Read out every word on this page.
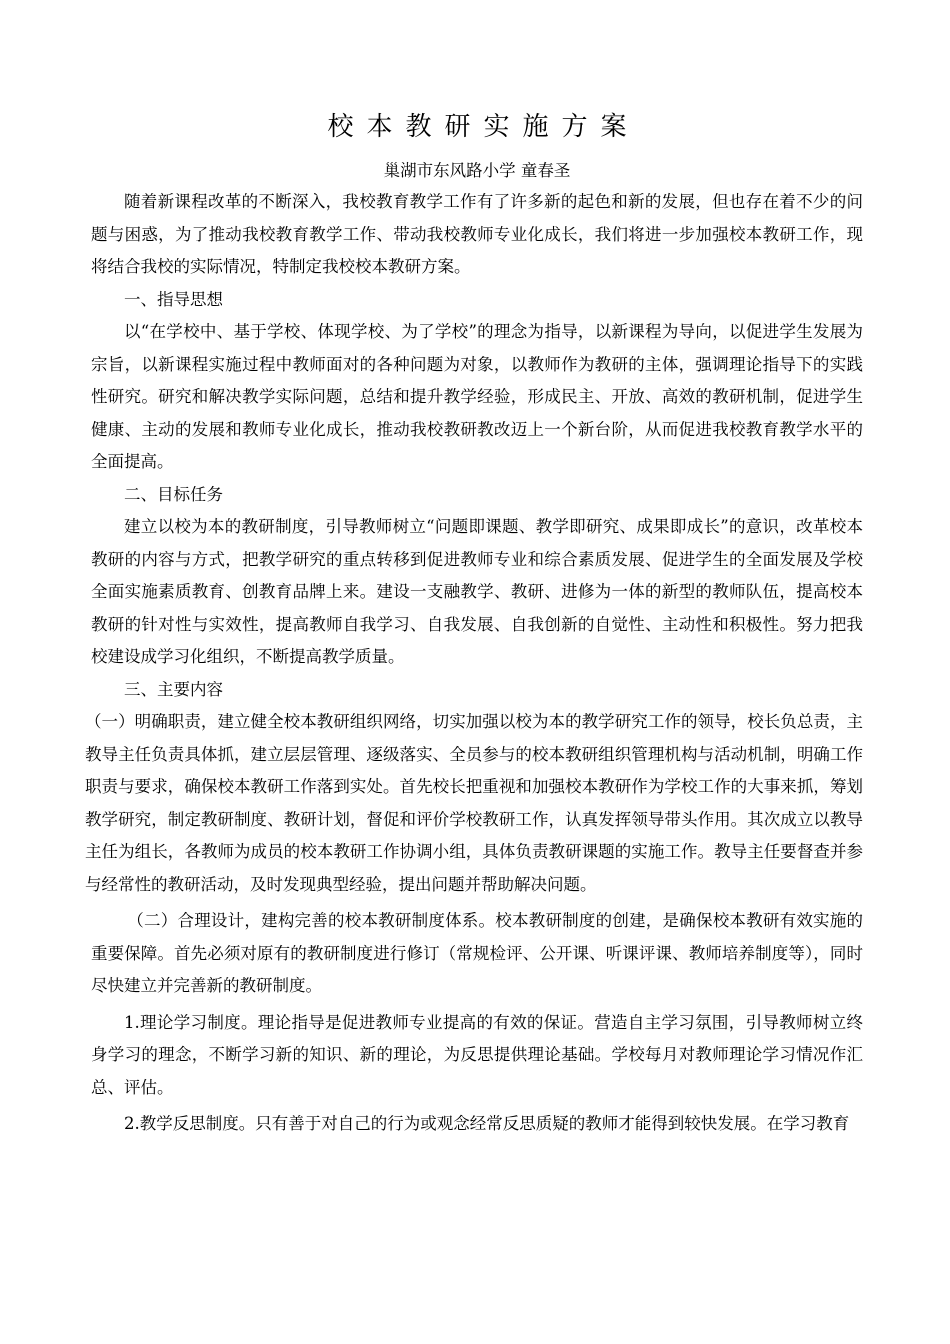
校本教研实施方案
巢湖市东风路小学 童春圣

随着新课程改革的不断深入，我校教育教学工作有了许多新的起色和新的发展，但也存在着不少的问题与困惑，为了推动我校教育教学工作、带动我校教师专业化成长，我们将进一步加强校本教研工作，现将结合我校的实际情况，特制定我校校本教研方案。

一、指导思想

以“在学校中、基于学校、体现学校、为了学校”的理念为指导，以新课程为导向，以促进学生发展为宗旨，以新课程实施过程中教师面对的各种问题为对象，以教师作为教研的主体，强调理论指导下的实践性研究。研究和解决教学实际问题，总结和提升教学经验，形成民主、开放、高效的教研机制，促进学生健康、主动的发展和教师专业化成长，推动我校教研教改迈上一个新台阶，从而促进我校教育教学水平的全面提高。

二、目标任务

建立以校为本的教研制度，引导教师树立“问题即课题、教学即研究、成果即成长”的意识，改革校本教研的内容与方式，把教学研究的重点转移到促进教师专业和综合素质发展、促进学生的全面发展及学校全面实施素质教育、创教育品牌上来。建设一支融教学、教研、进修为一体的新型的教师队伍，提高校本教研的针对性与实效性，提高教师自我学习、自我发展、自我创新的自觉性、主动性和积极性。努力把我校建设成学习化组织，不断提高教学质量。

三、主要内容

（一）明确职责，建立健全校本教研组织网络，切实加强以校为本的教学研究工作的领导，校长负总责，主教导主任负责具体抓，建立层层管理、逐级落实、全员参与的校本教研组织管理机构与活动机制，明确工作职责与要求，确保校本教研工作落到实处。首先校长把重视和加强校本教研作为学校工作的大事来抓，筹划教学研究，制定教研制度、教研计划，督促和评价学校教研工作，认真发挥领导带头作用。其次成立以教导主任为组长，各教师为成员的校本教研工作协调小组，具体负责教研课题的实施工作。教导主任要督查并参与经常性的教研活动，及时发现典型经验，提出问题并帮助解决问题。

（二）合理设计，建构完善的校本教研制度体系。校本教研制度的创建，是确保校本教研有效实施的重要保障。首先必须对原有的教研制度进行修订（常规检评、公开课、听课评课、教师培养制度等），同时尽快建立并完善新的教研制度。

1.理论学习制度。理论指导是促进教师专业提高的有效的保证。营造自主学习氛围，引导教师树立终身学习的理念，不断学习新的知识、新的理论，为反思提供理论基础。学校每月对教师理论学习情况作汇总、评估。

2.教学反思制度。只有善于对自己的行为或观念经常反思质疑的教师才能得到较快发展。在学习教育
